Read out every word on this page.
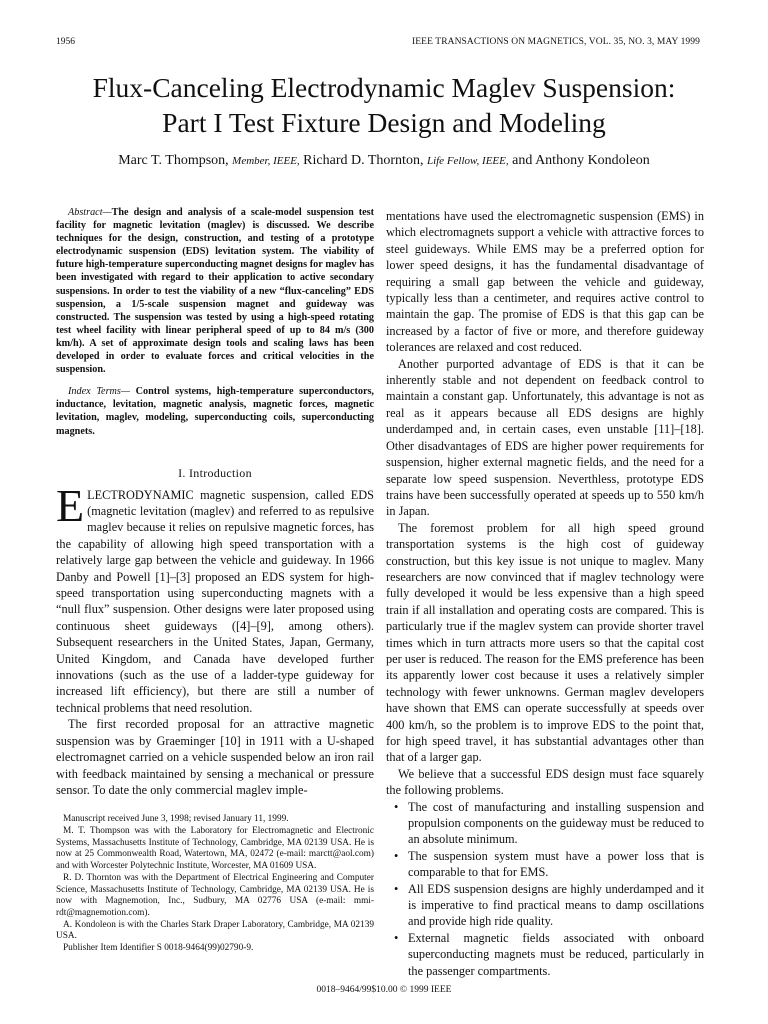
1956	IEEE TRANSACTIONS ON MAGNETICS, VOL. 35, NO. 3, MAY 1999
Flux-Canceling Electrodynamic Maglev Suspension:
Part I Test Fixture Design and Modeling
Marc T. Thompson, Member, IEEE, Richard D. Thornton, Life Fellow, IEEE, and Anthony Kondoleon

Abstract—The design and analysis of a scale-model suspension test facility for magnetic levitation (maglev) is discussed. We describe techniques for the design, construction, and testing of a prototype electrodynamic suspension (EDS) levitation system. The viability of future high-temperature superconducting magnet designs for maglev has been investigated with regard to their application to active secondary suspensions. In order to test the viability of a new “flux-canceling” EDS suspension, a 1/5-scale suspension magnet and guideway was constructed. The suspension was tested by using a high-speed rotating test wheel facility with linear peripheral speed of up to 84 m/s (300 km/h). A set of approximate design tools and scaling laws has been developed in order to evaluate forces and critical velocities in the suspension.

Index Terms— Control systems, high-temperature superconductors, inductance, levitation, magnetic analysis, magnetic forces, magnetic levitation, maglev, modeling, superconducting coils, superconducting magnets.

I. Introduction

ELECTRODYNAMIC magnetic suspension, called EDS (magnetic levitation (maglev) and referred to as repulsive maglev because it relies on repulsive magnetic forces, has the capability of allowing high speed transportation with a relatively large gap between the vehicle and guideway. In 1966 Danby and Powell [1]–[3] proposed an EDS system for high-speed transportation using superconducting magnets with a “null flux” suspension. Other designs were later proposed using continuous sheet guideways ([4]–[9], among others). Subsequent researchers in the United States, Japan, Germany, United Kingdom, and Canada have developed further innovations (such as the use of a ladder-type guideway for increased lift efficiency), but there are still a number of technical problems that need resolution.

The first recorded proposal for an attractive magnetic suspension was by Graeminger [10] in 1911 with a U-shaped electromagnet carried on a vehicle suspended below an iron rail with feedback maintained by sensing a mechanical or pressure sensor. To date the only commercial maglev imple-

Manuscript received June 3, 1998; revised January 11, 1999.

M. T. Thompson was with the Laboratory for Electromagnetic and Electronic Systems, Massachusetts Institute of Technology, Cambridge, MA 02139 USA. He is now at 25 Commonwealth Road, Watertown, MA, 02472 (e-mail: marctt@aol.com) and with Worcester Polytechnic Institute, Worcester, MA 01609 USA.

R. D. Thornton was with the Department of Electrical Engineering and Computer Science, Massachusetts Institute of Technology, Cambridge, MA 02139 USA. He is now with Magnemotion, Inc., Sudbury, MA 02776 USA (e-mail: mmi-rdt@magnemotion.com).

A. Kondoleon is with the Charles Stark Draper Laboratory, Cambridge, MA 02139 USA.

Publisher Item Identifier S 0018-9464(99)02790-9.

mentations have used the electromagnetic suspension (EMS) in which electromagnets support a vehicle with attractive forces to steel guideways. While EMS may be a preferred option for lower speed designs, it has the fundamental disadvantage of requiring a small gap between the vehicle and guideway, typically less than a centimeter, and requires active control to maintain the gap. The promise of EDS is that this gap can be increased by a factor of five or more, and therefore guideway tolerances are relaxed and cost reduced.

Another purported advantage of EDS is that it can be inherently stable and not dependent on feedback control to maintain a constant gap. Unfortunately, this advantage is not as real as it appears because all EDS designs are highly underdamped and, in certain cases, even unstable [11]–[18]. Other disadvantages of EDS are higher power requirements for suspension, higher external magnetic fields, and the need for a separate low speed suspension. Neverthless, prototype EDS trains have been successfully operated at speeds up to 550 km/h in Japan.

The foremost problem for all high speed ground transportation systems is the high cost of guideway construction, but this key issue is not unique to maglev. Many researchers are now convinced that if maglev technology were fully developed it would be less expensive than a high speed train if all installation and operating costs are compared. This is particularly true if the maglev system can provide shorter travel times which in turn attracts more users so that the capital cost per user is reduced. The reason for the EMS preference has been its apparently lower cost because it uses a relatively simpler technology with fewer unknowns. German maglev developers have shown that EMS can operate successfully at speeds over 400 km/h, so the problem is to improve EDS to the point that, for high speed travel, it has substantial advantages other than that of a larger gap.

We believe that a successful EDS design must face squarely the following problems.

• The cost of manufacturing and installing suspension and propulsion components on the guideway must be reduced to an absolute minimum.
• The suspension system must have a power loss that is comparable to that for EMS.
• All EDS suspension designs are highly underdamped and it is imperative to find practical means to damp oscillations and provide high ride quality.
• External magnetic fields associated with onboard superconducting magnets must be reduced, particularly in the passenger compartments.
0018–9464/99$10.00 © 1999 IEEE
